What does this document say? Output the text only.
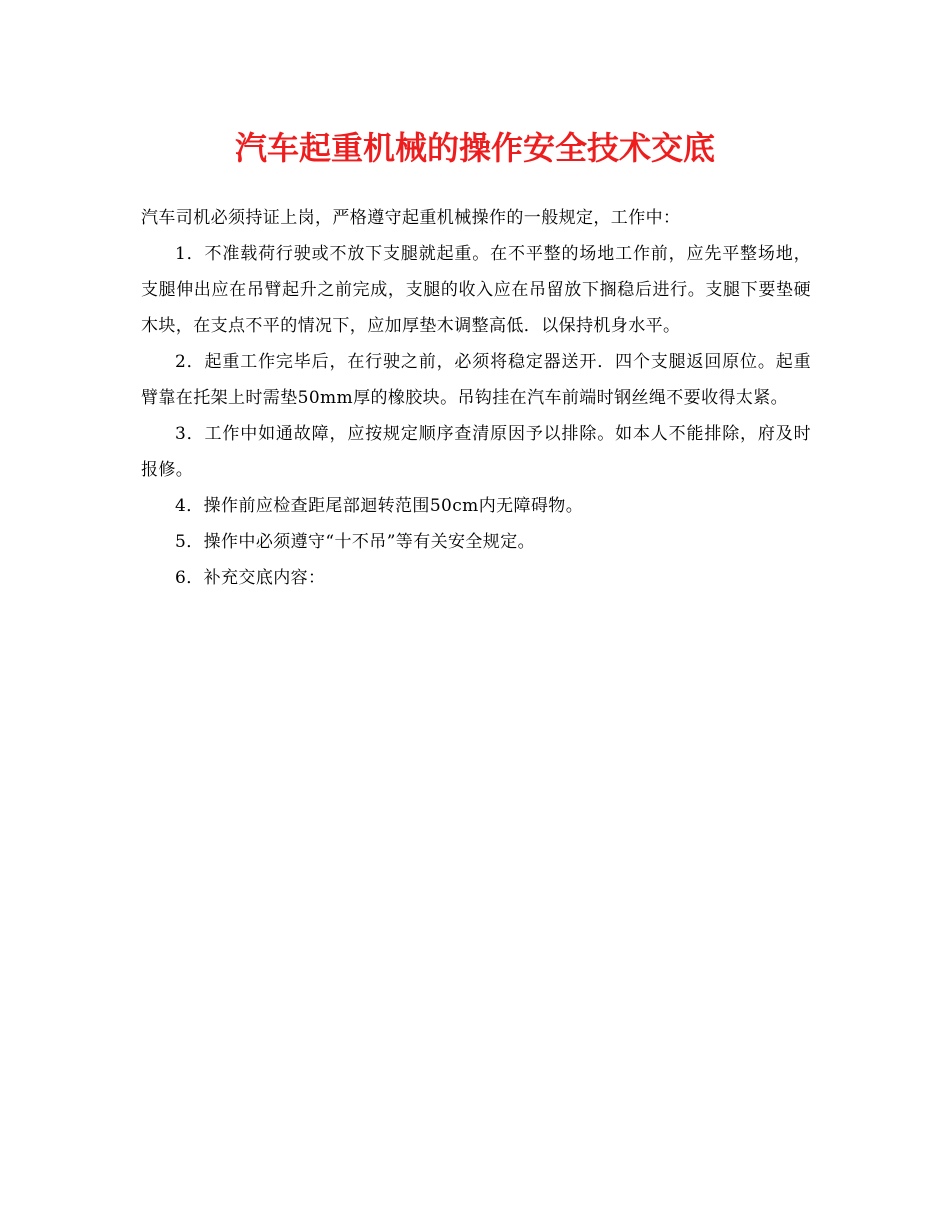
汽车起重机械的操作安全技术交底

汽车司机必须持证上岗，严格遵守起重机械操作的一般规定，工作中：

1．不准载荷行驶或不放下支腿就起重。在不平整的场地工作前，应先平整场地，支腿伸出应在吊臂起升之前完成，支腿的收入应在吊留放下搁稳后进行。支腿下要垫硬木块，在支点不平的情况下，应加厚垫木调整高低．以保持机身水平。

2．起重工作完毕后，在行驶之前，必须将稳定器送开．四个支腿返回原位。起重臂靠在托架上时需垫50mm厚的橡胶块。吊钩挂在汽车前端时钢丝绳不要收得太紧。

3．工作中如通故障，应按规定顺序查清原因予以排除。如本人不能排除，府及时报修。

4．操作前应检查距尾部迴转范围50cm内无障碍物。

5．操作中必须遵守“十不吊”等有关安全规定。

6．补充交底内容：
